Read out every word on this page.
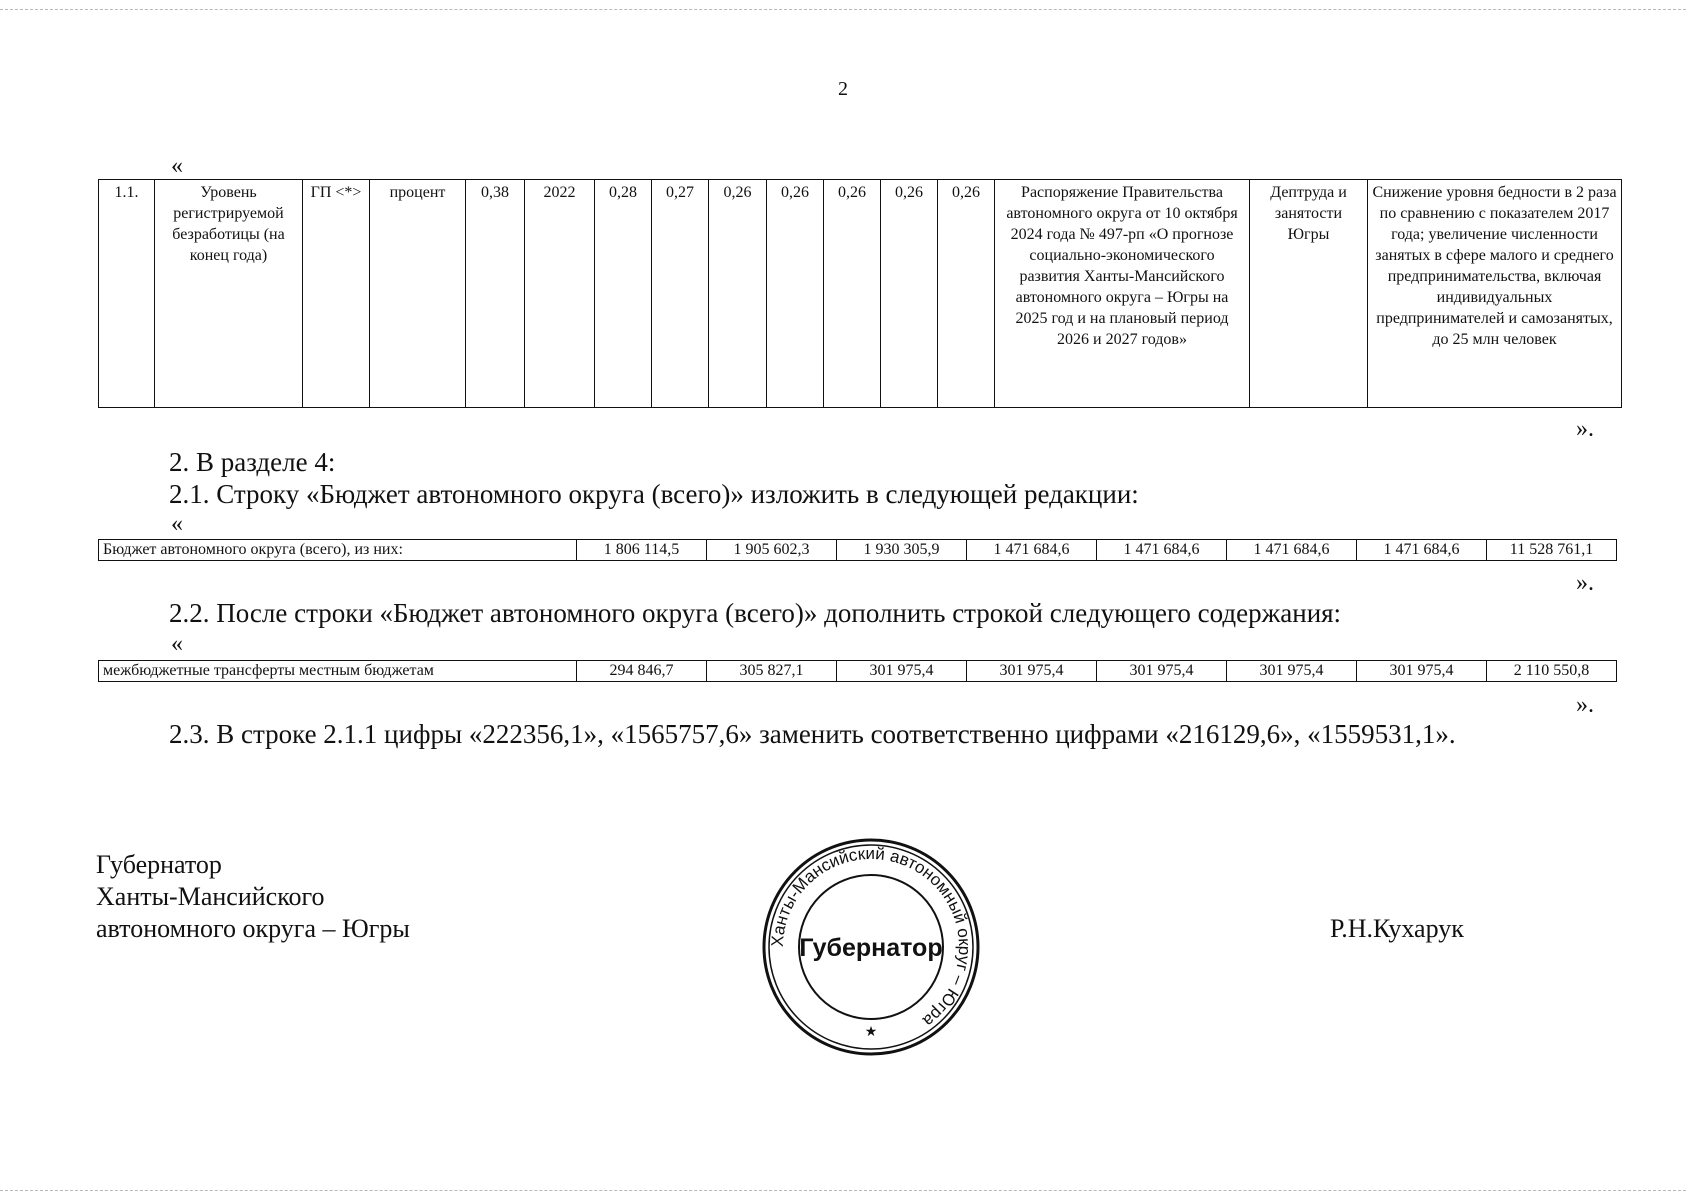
2
«
1.1.	Уровень регистрируемой безработицы (на конец года)	ГП <*>	процент	0,38	2022	0,28	0,27	0,26	0,26	0,26	0,26	0,26	Распоряжение Правительства автономного округа от 10 октября 2024 года № 497-рп «О прогнозе социально-экономического развития Ханты-Мансийского автономного округа – Югры на 2025 год и на плановый период 2026 и 2027 годов»	Дептруда и занятости Югры	Снижение уровня бедности в 2 раза по сравнению с показателем 2017 года; увеличение численности занятых в сфере малого и среднего предпринимательства, включая индивидуальных предпринимателей и самозанятых, до 25 млн человек
».
2. В разделе 4:
2.1. Строку «Бюджет автономного округа (всего)» изложить в следующей редакции:
«
Бюджет автономного округа (всего), из них:	1 806 114,5	1 905 602,3	1 930 305,9	1 471 684,6	1 471 684,6	1 471 684,6	1 471 684,6	11 528 761,1
».
2.2. После строки «Бюджет автономного округа (всего)» дополнить строкой следующего содержания:
«
межбюджетные трансферты местным бюджетам	294 846,7	305 827,1	301 975,4	301 975,4	301 975,4	301 975,4	301 975,4	2 110 550,8
».
2.3. В строке 2.1.1 цифры «222356,1», «1565757,6» заменить соответственно цифрами «216129,6», «1559531,1».
Губернатор
Ханты-Мансийского
автономного округа – Югры	Ханты-Мансийский автономный округ – Югра
Губернатор
★
Р.Н.Кухарук
